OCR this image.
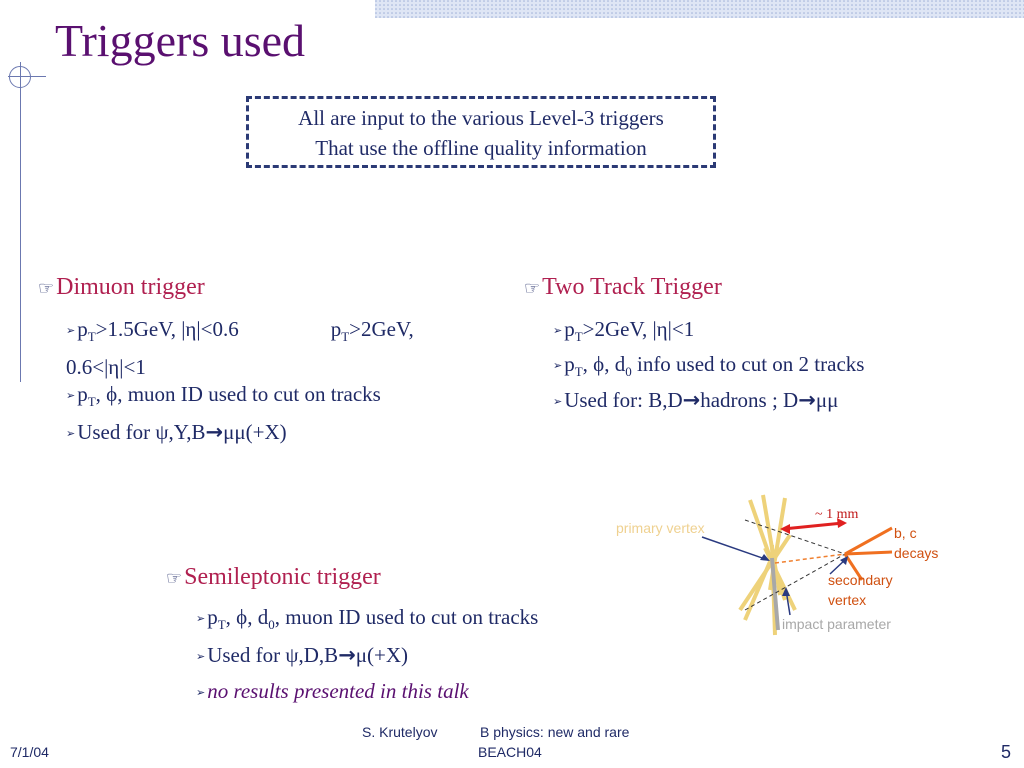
Triggers used
All are input to the various Level-3 triggers
That use the offline quality information
☞Dimuon trigger
$➢p_T>1.5GeV$, |η|<0.6	$p_T>2GeV$,
0.6<|η|<1
$➢p_T$, ϕ, muon ID used to cut on tracks
➢Used for ψ,Y,B→μμ(+X)
☞Two Track Trigger
$➢p_T>2GeV$, |η|<1
$➢p_T$, ϕ, $d_0$ info used to cut on 2 tracks
➢Used for: B,D→hadrons ; D→μμ
☞Semileptonic trigger
$➢p_T$, ϕ, $d_0$, muon ID used to cut on tracks
➢Used for ψ,D,B→μ(+X)
➢no results presented in this talk
primary vertex
~ 1 mm
b, c
decays
secondary
vertex
impact parameter
7/1/04
S. Krutelyov	B physics: new and rare
BEACH04	5
